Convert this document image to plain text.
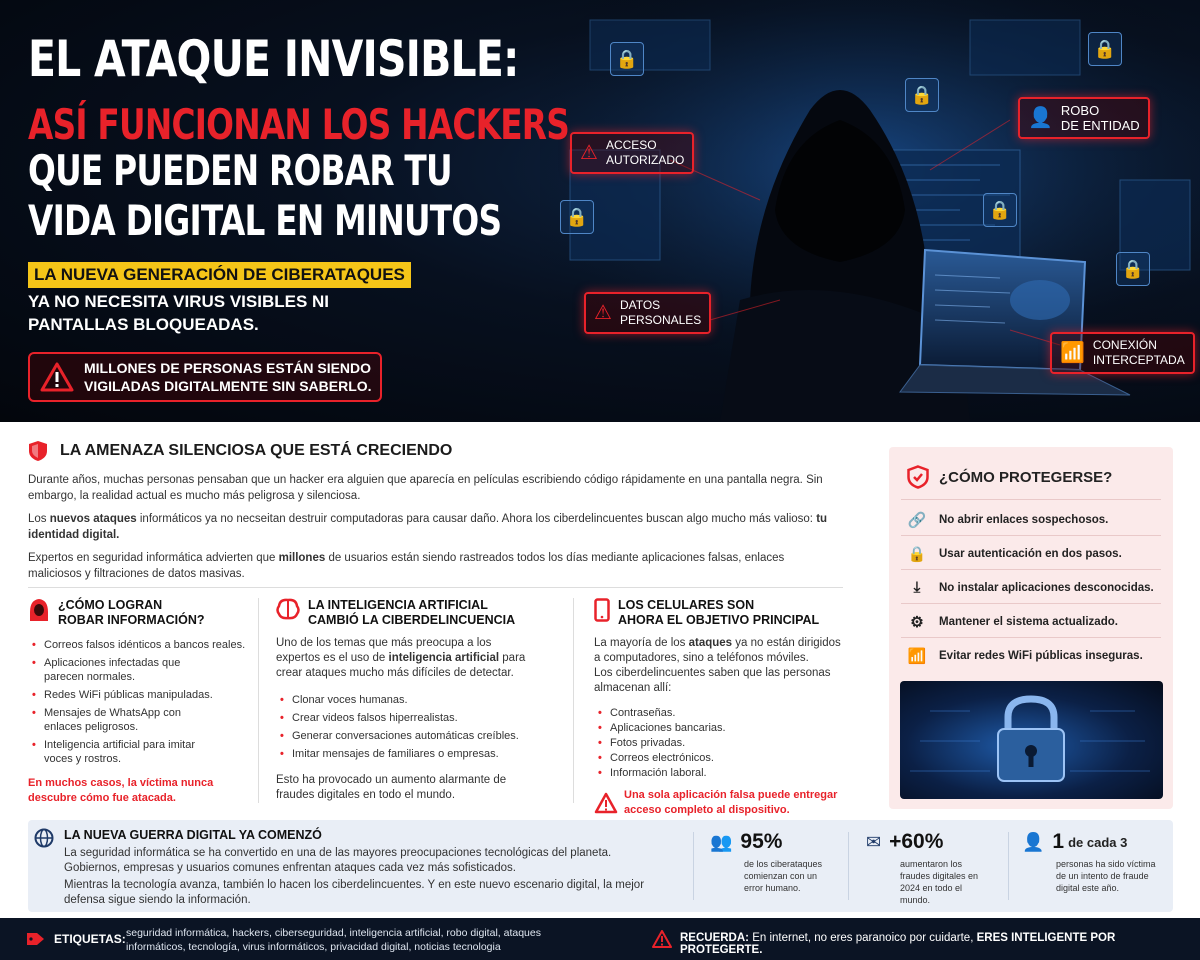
EL ATAQUE INVISIBLE:
ASÍ FUNCIONAN LOS HACKERS
QUE PUEDEN ROBAR TU
VIDA DIGITAL EN MINUTOS
LA NUEVA GENERACIÓN DE CIBERATAQUES
YA NO NECESITA VIRUS VISIBLES NI
PANTALLAS BLOQUEADAS.
MILLONES DE PERSONAS ESTÁN SIENDO
VIGILADAS DIGITALMENTE SIN SABERLO.
🔒
🔒
🔒
🔒	🔒
🔒
⚠ ACCESO
AUTORIZADO
👤 ROBO
DE ENTIDAD
⚠ DATOS
PERSONALES
📶 CONEXIÓN
INTERCEPTADA
LA AMENAZA SILENCIOSA QUE ESTÁ CRECIENDO
Durante años, muchas personas pensaban que un hacker era alguien que aparecía en películas escribiendo código rápidamente en una pantalla negra. Sin embargo, la realidad actual es mucho más peligrosa y silenciosa.
Los nuevos ataques informáticos ya no necseitan destruir computadoras para causar daño. Ahora los ciberdelincuentes buscan algo mucho más valioso: tu identidad digital.
Expertos en seguridad informática advierten que millones de usuarios están siendo rastreados todos los días mediante aplicaciones falsas, enlaces maliciosos y filtraciones de datos masivas.
¿CÓMO LOGRAN
ROBAR INFORMACIÓN?
• Correos falsos idénticos a bancos reales.
• Aplicaciones infectadas que parecen normales.
• Redes WiFi públicas manipuladas.
• Mensajes de WhatsApp con enlaces peligrosos.
• Inteligencia artificial para imitar voces y rostros.
En muchos casos, la víctima nunca descubre cómo fue atacada.
LA INTELIGENCIA ARTIFICIAL
CAMBIÓ LA CIBERDELINCUENCIA
Uno de los temas que más preocupa a los expertos es el uso de inteligencia artificial para crear ataques mucho más difíciles de detectar.
• Clonar voces humanas.
• Crear videos falsos hiperrealistas.
• Generar conversaciones automáticas creíbles.
• Imitar mensajes de familiares o empresas.
Esto ha provocado un aumento alarmante de fraudes digitales en todo el mundo.
LOS CELULARES SON
AHORA EL OBJETIVO PRINCIPAL
La mayoría de los ataques ya no están dirigidos a computadores, sino a teléfonos móviles.
Los ciberdelincuentes saben que las personas almacenan allí:
• Contraseñas.
• Aplicaciones bancarias.
• Fotos privadas.
• Correos electrónicos.
• Información laboral.
Una sola aplicación falsa puede entregar acceso completo al dispositivo.
¿CÓMO PROTEGERSE?
🔗 No abrir enlaces sospechosos.
🔒 Usar autenticación en dos pasos.
⤓	No instalar aplicaciones desconocidas.
⚙ Mantener el sistema actualizado.
📶 Evitar redes WiFi públicas inseguras.
LA NUEVA GUERRA DIGITAL YA COMENZÓ
La seguridad informática se ha convertido en una de las mayores preocupaciones tecnológicas del planeta. Gobiernos, empresas y usuarios comunes enfrentan ataques cada vez más sofisticados.
Mientras la tecnología avanza, también lo hacen los ciberdelincuentes. Y en este nuevo escenario digital, la mejor defensa sigue siendo la información.
👥 95%
de los ciberataques comienzan con un error humano.
✉ +60%
aumentaron los fraudes digitales en 2024 en todo el mundo.
👤 1 de cada 3
personas ha sido víctima de un intento de fraude digital este año.
ETIQUETAS: seguridad informática, hackers, ciberseguridad, inteligencia artificial, robo digital, ataques informáticos, tecnología, virus informáticos, privacidad digital, noticias tecnologia
RECUERDA: En internet, no eres paranoico por cuidarte, ERES INTELIGENTE POR PROTEGERTE.
